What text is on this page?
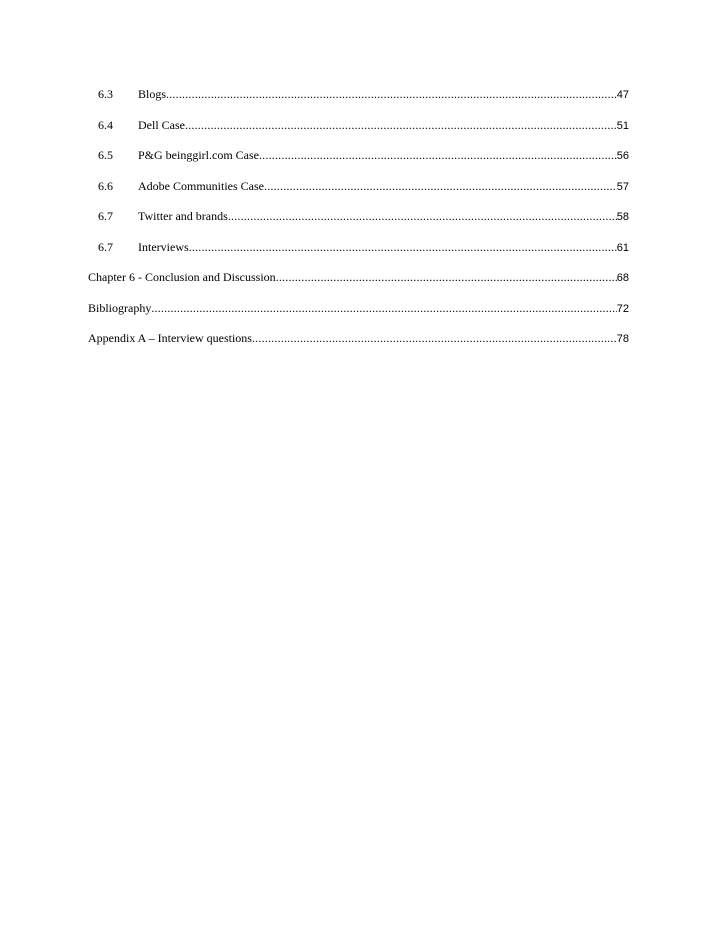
6.3	Blogs .....	47
6.4	Dell Case .....	51
6.5	P&G beinggirl.com Case .....	56
6.6	Adobe Communities Case .....	57
6.7	Twitter and brands .....	58
6.7	Interviews .....	61
Chapter 6 - Conclusion and Discussion .....	68
Bibliography .....	72
Appendix A – Interview questions .....	78
